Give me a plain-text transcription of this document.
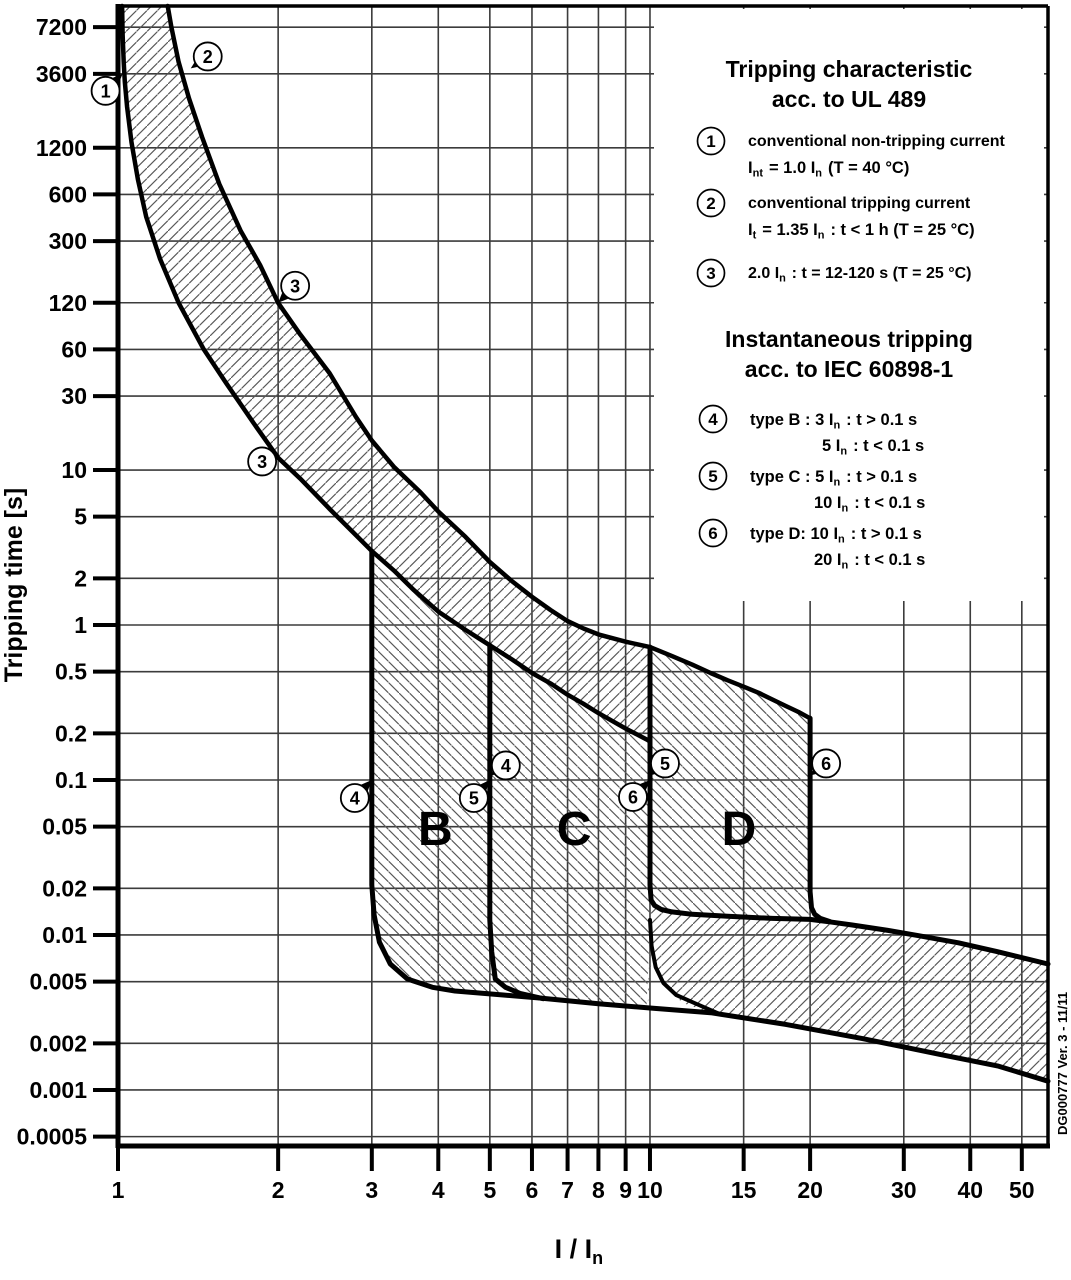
7200
3600
1200
600
300
120
60
30
10
5
2
1
0.5
0.2
0.1
0.05
0.02
0.01
0.005
0.002
0.001
0.0005
1	2	3 4 5 6 7 8 9 10	15 20	30 40 50
B C	D
1
2
3
3
4
4
5
5
6
6
Tripping characteristic
acc. to UL 489
1 conventional non-tripping current
$I_{nt}$  = 1.0 $I_n$  (T = 40 °C)
2 conventional tripping current
$I_t$  = 1.35 $I_n$  : t < 1 h (T = 25 °C)
3 2.0 $I_n$  : t = 12-120 s (T = 25 °C)
Instantaneous tripping
acc. to IEC 60898-1
4 type B : 3 $I_n$  : t > 0.1 s
5 $I_n$  : t < 0.1 s
5 type C : 5 $I_n$  : t > 0.1 s
10 $I_n$  : t < 0.1 s
6 type D: 10 $I_n$  : t > 0.1 s
20 $I_n$  : t < 0.1 s
Tripping time [s]
I / $I_n$ 
DG000777 Ver. 3 - 11/11
